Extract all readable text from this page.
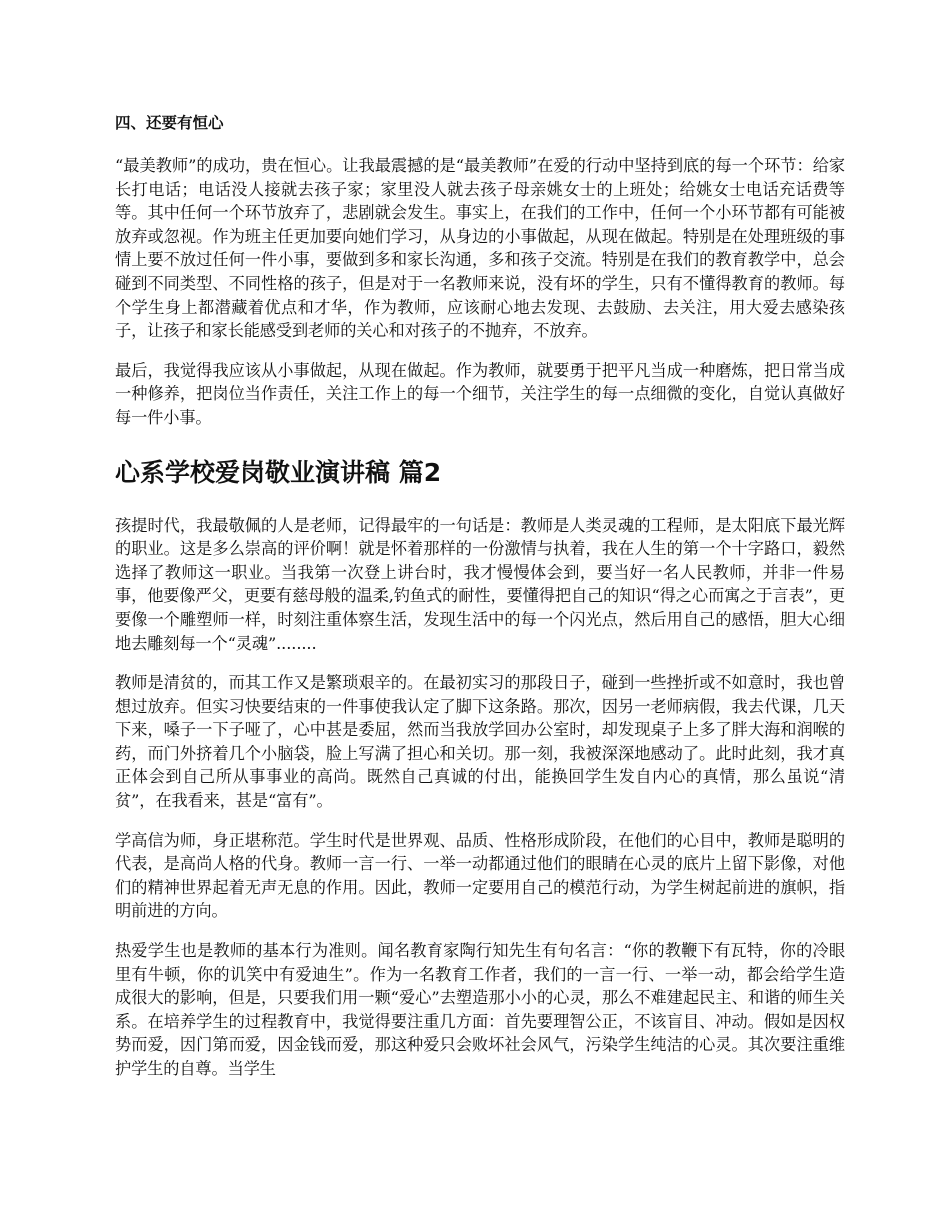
四、还要有恒心

“最美教师”的成功，贵在恒心。让我最震撼的是“最美教师”在爱的行动中坚持到底的每一个环节：给家长打电话；电话没人接就去孩子家；家里没人就去孩子母亲姚女士的上班处；给姚女士电话充话费等等。其中任何一个环节放弃了，悲剧就会发生。事实上，在我们的工作中，任何一个小环节都有可能被放弃或忽视。作为班主任更加要向她们学习，从身边的小事做起，从现在做起。特别是在处理班级的事情上要不放过任何一件小事，要做到多和家长沟通，多和孩子交流。特别是在我们的教育教学中，总会碰到不同类型、不同性格的孩子，但是对于一名教师来说，没有坏的学生，只有不懂得教育的教师。每个学生身上都潜藏着优点和才华，作为教师，应该耐心地去发现、去鼓励、去关注，用大爱去感染孩子，让孩子和家长能感受到老师的关心和对孩子的不抛弃，不放弃。

最后，我觉得我应该从小事做起，从现在做起。作为教师，就要勇于把平凡当成一种磨炼，把日常当成一种修养，把岗位当作责任，关注工作上的每一个细节，关注学生的每一点细微的变化，自觉认真做好每一件小事。

心系学校爱岗敬业演讲稿 篇2

孩提时代，我最敬佩的人是老师，记得最牢的一句话是：教师是人类灵魂的工程师，是太阳底下最光辉的职业。这是多么崇高的评价啊！就是怀着那样的一份激情与执着，我在人生的第一个十字路口，毅然选择了教师这一职业。当我第一次登上讲台时，我才慢慢体会到，要当好一名人民教师，并非一件易事，他要像严父，更要有慈母般的温柔,钓鱼式的耐性，要懂得把自己的知识“得之心而寓之于言表”，更要像一个雕塑师一样，时刻注重体察生活，发现生活中的每一个闪光点，然后用自己的感悟，胆大心细地去雕刻每一个“灵魂”........

教师是清贫的，而其工作又是繁琐艰辛的。在最初实习的那段日子，碰到一些挫折或不如意时，我也曾想过放弃。但实习快要结束的一件事使我认定了脚下这条路。那次，因另一老师病假，我去代课，几天下来，嗓子一下子哑了，心中甚是委屈，然而当我放学回办公室时，却发现桌子上多了胖大海和润喉的药，而门外挤着几个小脑袋，脸上写满了担心和关切。那一刻，我被深深地感动了。此时此刻，我才真正体会到自己所从事事业的高尚。既然自己真诚的付出，能换回学生发自内心的真情，那么虽说“清贫”，在我看来，甚是“富有”。

学高信为师，身正堪称范。学生时代是世界观、品质、性格形成阶段，在他们的心目中，教师是聪明的代表，是高尚人格的代身。教师一言一行、一举一动都通过他们的眼睛在心灵的底片上留下影像，对他们的精神世界起着无声无息的作用。因此，教师一定要用自己的模范行动，为学生树起前进的旗帜，指明前进的方向。

热爱学生也是教师的基本行为准则。闻名教育家陶行知先生有句名言：“你的教鞭下有瓦特，你的冷眼里有牛顿，你的讥笑中有爱迪生”。作为一名教育工作者，我们的一言一行、一举一动，都会给学生造成很大的影响，但是，只要我们用一颗“爱心”去塑造那小小的心灵，那么不难建起民主、和谐的师生关系。在培养学生的过程教育中，我觉得要注重几方面：首先要理智公正，不该盲目、冲动。假如是因权势而爱，因门第而爱，因金钱而爱，那这种爱只会败坏社会风气，污染学生纯洁的心灵。其次要注重维护学生的自尊。当学生
